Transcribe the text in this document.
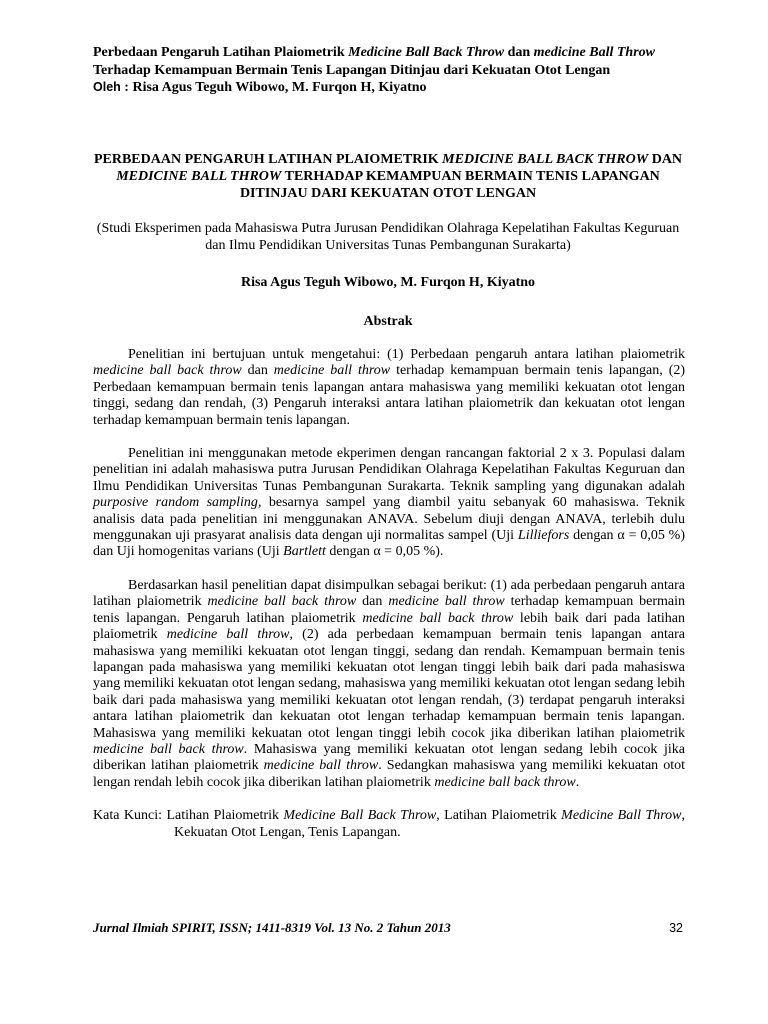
Perbedaan Pengaruh Latihan Plaiometrik Medicine Ball Back Throw dan medicine Ball Throw Terhadap Kemampuan Bermain Tenis Lapangan Ditinjau dari Kekuatan Otot Lengan
Oleh : Risa Agus Teguh Wibowo, M. Furqon H, Kiyatno
PERBEDAAN PENGARUH LATIHAN PLAIOMETRIK MEDICINE BALL BACK THROW DAN MEDICINE BALL THROW TERHADAP KEMAMPUAN BERMAIN TENIS LAPANGAN DITINJAU DARI KEKUATAN OTOT LENGAN
(Studi Eksperimen pada Mahasiswa Putra Jurusan Pendidikan Olahraga Kepelatihan Fakultas Keguruan dan Ilmu Pendidikan Universitas Tunas Pembangunan Surakarta)
Risa Agus Teguh Wibowo, M. Furqon H, Kiyatno
Abstrak

Penelitian ini bertujuan untuk mengetahui: (1) Perbedaan pengaruh antara latihan plaiometrik medicine ball back throw dan medicine ball throw terhadap kemampuan bermain tenis lapangan, (2) Perbedaan kemampuan bermain tenis lapangan antara mahasiswa yang memiliki kekuatan otot lengan tinggi, sedang dan rendah, (3) Pengaruh interaksi antara latihan plaiometrik dan kekuatan otot lengan terhadap kemampuan bermain tenis lapangan.

Penelitian ini menggunakan metode ekperimen dengan rancangan faktorial 2 x 3. Populasi dalam penelitian ini adalah mahasiswa putra Jurusan Pendidikan Olahraga Kepelatihan Fakultas Keguruan dan Ilmu Pendidikan Universitas Tunas Pembangunan Surakarta. Teknik sampling yang digunakan adalah purposive random sampling, besarnya sampel yang diambil yaitu sebanyak 60 mahasiswa. Teknik analisis data pada penelitian ini menggunakan ANAVA. Sebelum diuji dengan ANAVA, terlebih dulu menggunakan uji prasyarat analisis data dengan uji normalitas sampel (Uji Lilliefors dengan α = 0,05 %) dan Uji homogenitas varians (Uji Bartlett dengan α = 0,05 %).

Berdasarkan hasil penelitian dapat disimpulkan sebagai berikut: (1) ada perbedaan pengaruh antara latihan plaiometrik medicine ball back throw dan medicine ball throw terhadap kemampuan bermain tenis lapangan. Pengaruh latihan plaiometrik medicine ball back throw lebih baik dari pada latihan plaiometrik medicine ball throw, (2) ada perbedaan kemampuan bermain tenis lapangan antara mahasiswa yang memiliki kekuatan otot lengan tinggi, sedang dan rendah. Kemampuan bermain tenis lapangan pada mahasiswa yang memiliki kekuatan otot lengan tinggi lebih baik dari pada mahasiswa yang memiliki kekuatan otot lengan sedang, mahasiswa yang memiliki kekuatan otot lengan sedang lebih baik dari pada mahasiswa yang memiliki kekuatan otot lengan rendah, (3) terdapat pengaruh interaksi antara latihan plaiometrik dan kekuatan otot lengan terhadap kemampuan bermain tenis lapangan. Mahasiswa yang memiliki kekuatan otot lengan tinggi lebih cocok jika diberikan latihan plaiometrik medicine ball back throw. Mahasiswa yang memiliki kekuatan otot lengan sedang lebih cocok jika diberikan latihan plaiometrik medicine ball throw. Sedangkan mahasiswa yang memiliki kekuatan otot lengan rendah lebih cocok jika diberikan latihan plaiometrik medicine ball back throw.

Kata Kunci: Latihan Plaiometrik Medicine Ball Back Throw, Latihan Plaiometrik Medicine Ball Throw, Kekuatan Otot Lengan, Tenis Lapangan.

Jurnal Ilmiah SPIRIT, ISSN; 1411-8319 Vol. 13 No. 2 Tahun 2013	32
